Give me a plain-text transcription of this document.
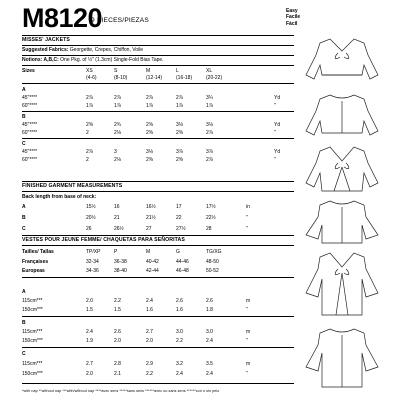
M8120
9 PIECES/PIEZAS
Easy
Facile
Fácil
MISSES' JACKETS
Suggested Fabrics: Georgette, Crepes, Chiffon, Voile
Notions: A,B,C: One Pkg. of ½" (1.3cm) Single-Fold Bias Tape.
Sizes	XS	S	M	L	XL
(4-6)	(8-10)	(12-14)	(16-18)	(20-22)
A
45"****	2⅞	2⅞	2⅞	2⅞	3¼	Yd
60"****	1⅞	1⅞	1⅞	1⅞	1⅞	"
B
45"****	2⅝	2¾	2⅝	3⅛	3⅛	Yd
60"****	2	2⅛	2⅜	2⅜	2⅞	"
C
45"****	2⅞	3	3⅛	3⅞	3⅞	Yd
60"****	2	2⅛	2⅜	2⅜	2⅞	"
FINISHED GARMENT MEASUREMENTS
Back length from base of neck:
A	15½	16	16½	17	17½	in
B	20½	21	21½	22	22½	"
C	26	26½	27	27½	28	"
VESTES POUR JEUNE FEMME/ CHAQUETAS PARA SEÑORITAS
Tailles/ Tallas	TP/XP	P	M	G	TG/XG
Françaises	32-34	36-38	40-42	44-46	48-50
Europeas	34-36	38-40	42-44	46-48	50-52
A
115cm***	2.0	2.2	2.4	2.6	2.6	m
150cm***	1.5	1.5	1.6	1.6	1.8	"
B
115cm***	2.4	2.6	2.7	3.0	3.0	m
150cm***	1.9	2.0	2.0	2.2	2.4	"
C
115cm***	2.7	2.8	2.9	3.2	3.5	m
150cm***	2.0	2.1	2.2	2.4	2.4	"
*with nap **without nap ***with/without nap ****avec sens *****sans sens ******avec ou sans sens ******con o sin pelo
